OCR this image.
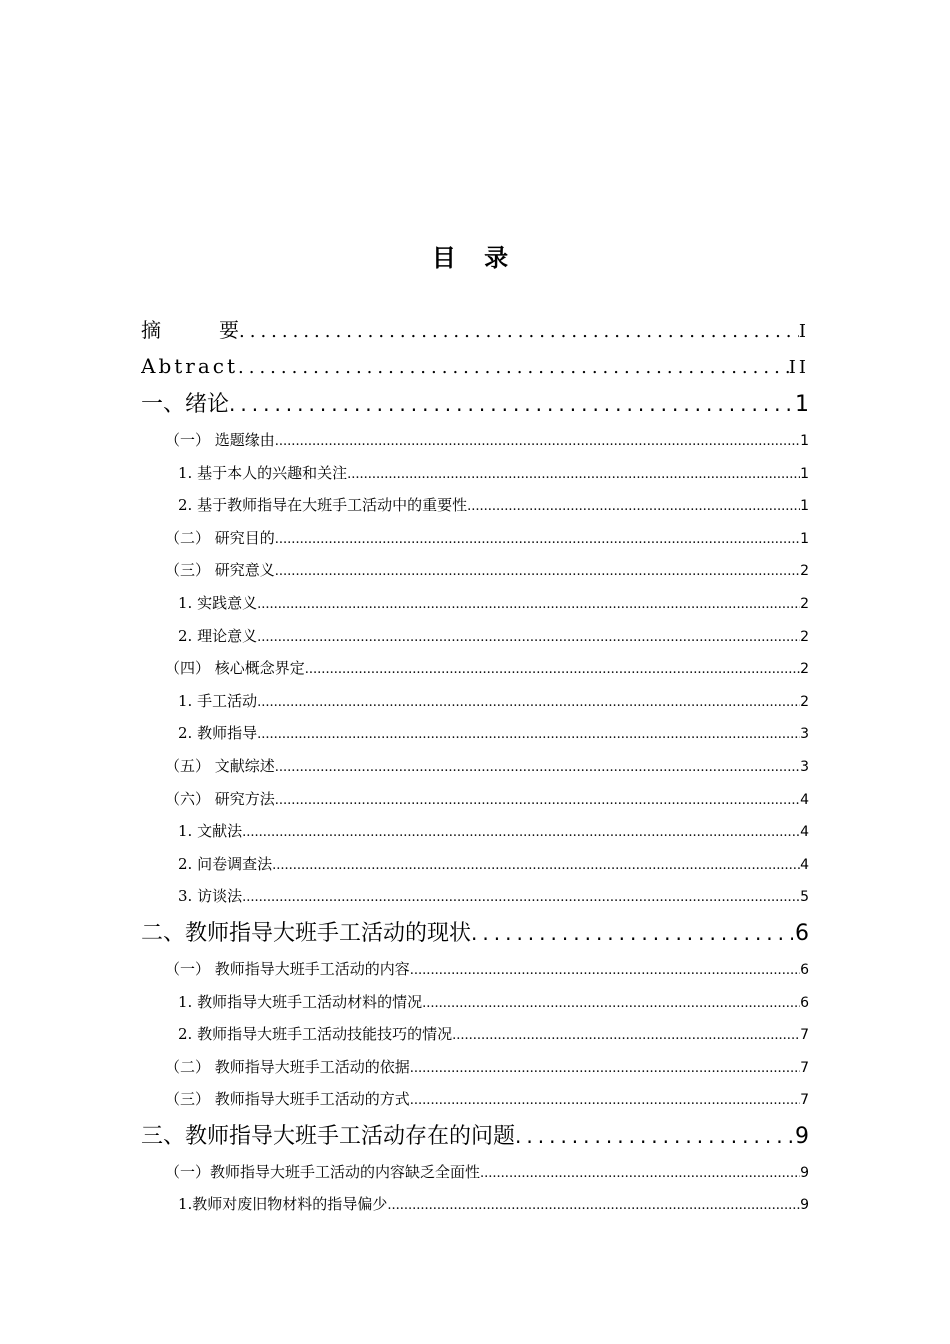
目 录
摘	要 .....	I
Abtract .....	II
一、绪论 .....	1
（一） 选题缘由 .....	1
1. 基于本人的兴趣和关注 .....	1
2. 基于教师指导在大班手工活动中的重要性 .....	1
（二） 研究目的 .....	1
（三） 研究意义 .....	2
1. 实践意义 .....	2
2. 理论意义 .....	2
（四） 核心概念界定 .....	2
1. 手工活动 .....	2
2. 教师指导 .....	3
（五） 文献综述 .....	3
（六） 研究方法 .....	4
1. 文献法 .....	4
2. 问卷调查法 .....	4
3. 访谈法 .....	5
二、教师指导大班手工活动的现状 .....	6
（一） 教师指导大班手工活动的内容 .....	6
1. 教师指导大班手工活动材料的情况 .....	6
2. 教师指导大班手工活动技能技巧的情况 .....	7
（二） 教师指导大班手工活动的依据 .....	7
（三） 教师指导大班手工活动的方式 .....	7
三、教师指导大班手工活动存在的问题 .....	9
（一）教师指导大班手工活动的内容缺乏全面性 .....	9
1.教师对废旧物材料的指导偏少 .....	9
